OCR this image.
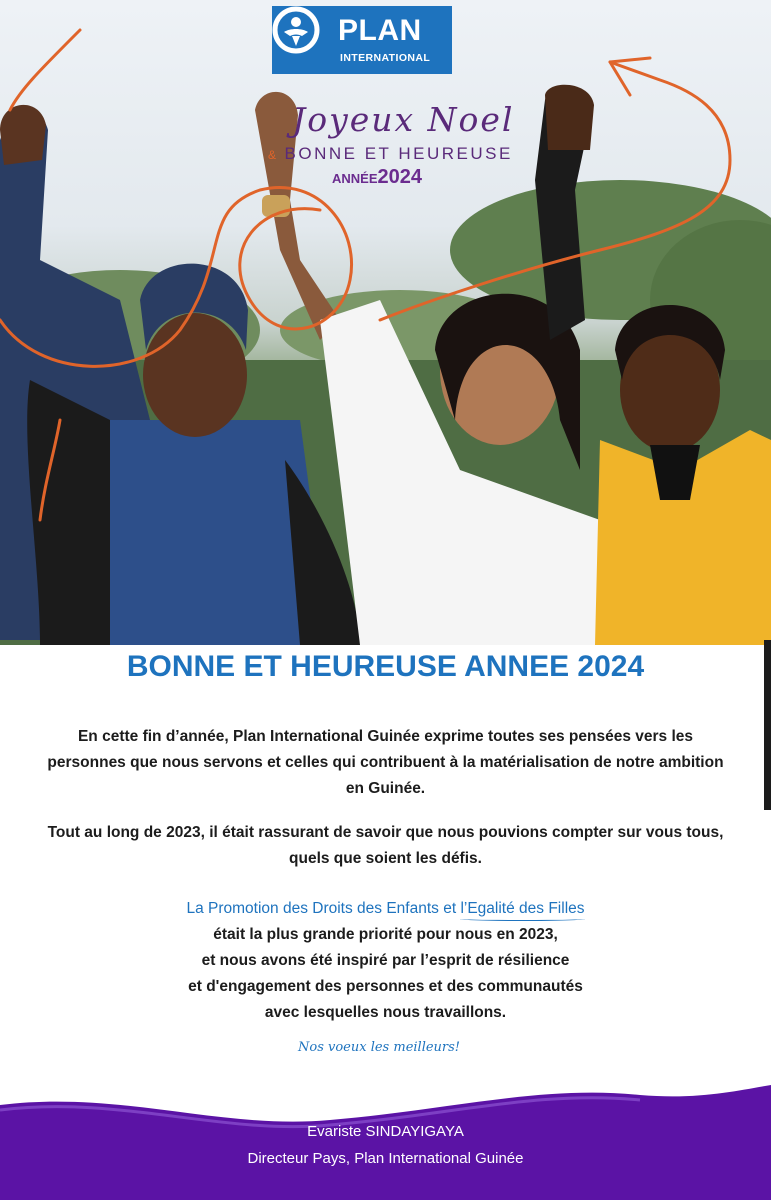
PLAN
INTERNATIONAL
Joyeux Noel
& BONNE ET HEUREUSE
ANNÉE2024
BONNE ET HEUREUSE ANNEE 2024

En cette fin d’année, Plan International Guinée exprime toutes ses pensées vers les personnes que nous servons et celles qui contribuent à la matérialisation de notre ambition en Guinée.

Tout au long de 2023, il était rassurant de savoir que nous pouvions compter sur vous tous, quels que soient les défis.

La Promotion des Droits des Enfants et l’Egalité des Filles
était la plus grande priorité pour nous en 2023,
et nous avons été inspiré par l’esprit de résilience
et d'engagement des personnes et des communautés
avec lesquelles nous travaillons.
Nos voeux les meilleurs!
Evariste SINDAYIGAYA
Directeur Pays, Plan International Guinée
